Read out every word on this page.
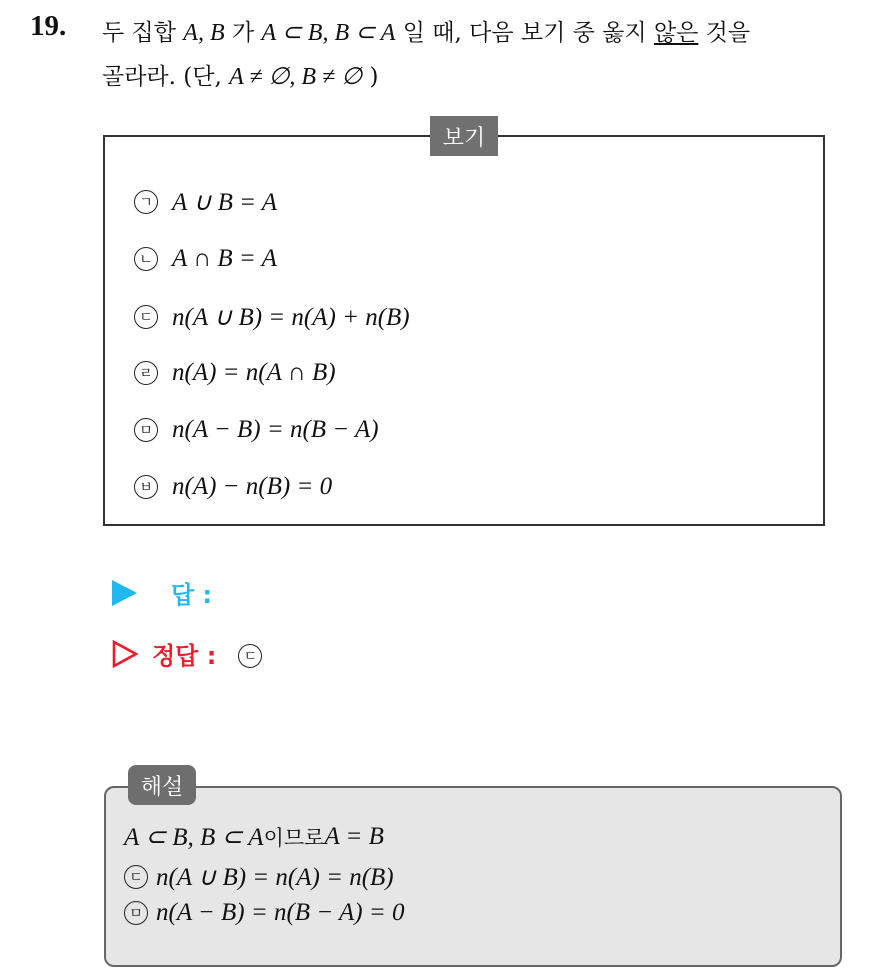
19. 두 집합 A, B 가 A ⊂ B, B ⊂ A 일 때, 다음 보기 중 옳지 않은 것을
골라라. (단, A ≠ ∅, B ≠ ∅ )
보기
ㄱ A ∪ B = A
ㄴ A ∩ B = A
ㄷ n(A ∪ B) = n(A) + n(B)
ㄹ n(A) = n(A ∩ B)
ㅁ n(A − B) = n(B − A)
ㅂ n(A) − n(B) = 0
답 :
정답 :	ㄷ
해설
A ⊂ B, B ⊂ A 이므로 A = B
ㄷ n(A ∪ B) = n(A) = n(B)
ㅁ n(A − B) = n(B − A) = 0
